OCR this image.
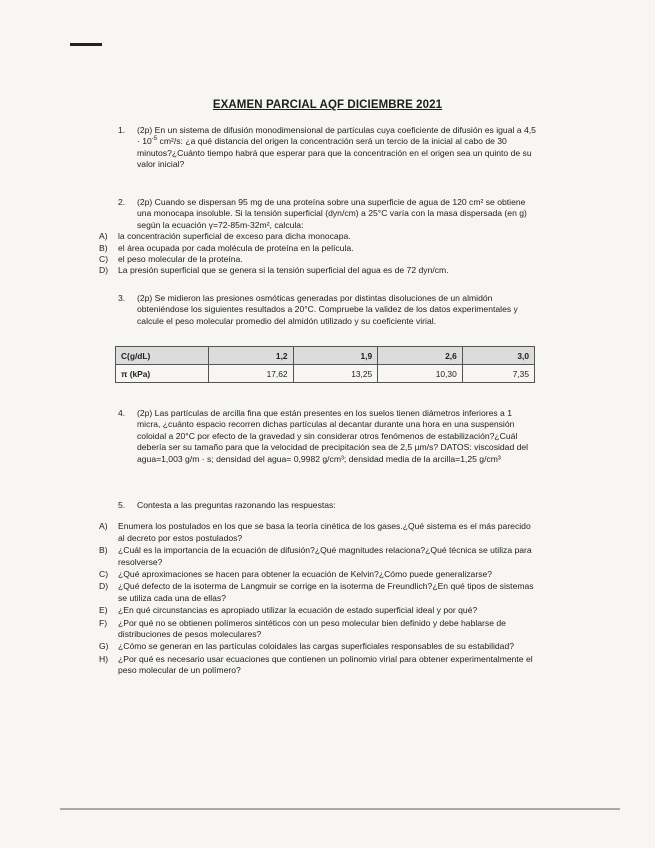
EXAMEN PARCIAL AQF DICIEMBRE 2021
1.	(2p) En un sistema de difusión monodimensional de partículas cuya coeficiente de difusión es igual a $4,5 \cdot 10^{-5}$ cm²/s: ¿a qué distancia del origen la concentración será un tercio de la inicial al cabo de 30 minutos?¿Cuánto tiempo habrá que esperar para que la concentración en el origen sea un quinto de su valor inicial?
2.	(2p) Cuando se dispersan 95 mg de una proteína sobre una superficie de agua de 120 cm² se obtiene una monocapa insoluble. Si la tensión superficial (dyn/cm) a 25°C varía con la masa dispersada (en g) según la ecuación γ=72-85m-32m², calcula:
A) la concentración superficial de exceso para dicha monocapa.
B) el área ocupada por cada molécula de proteína en la película.
C) el peso molecular de la proteína.
D) La presión superficial que se genera si la tensión superficial del agua es de 72 dyn/cm.
3.	(2p) Se midieron las presiones osmóticas generadas por distintas disoluciones de un almidón obteniéndose los siguientes resultados a 20°C. Compruebe la validez de los datos experimentales y calcule el peso molecular promedio del almidón utilizado y su coeficiente virial.
C(g/dL)	1,2	1,9	2,6	3,0
π (kPa)	17,62	13,25	10,30	7,35
4.	(2p) Las partículas de arcilla fina que están presentes en los suelos tienen diámetros inferiores a 1 micra, ¿cuánto espacio recorren dichas partículas al decantar durante una hora en una suspensión coloidal a 20°C por efecto de la gravedad y sin considerar otros fenómenos de estabilización?¿Cuál debería ser su tamaño para que la velocidad de precipitación sea de 2,5 µm/s? DATOS: viscosidad del agua=1,003 g/m · s; densidad del agua= 0,9982 g/cm³; densidad media de la arcilla=1,25 g/cm³
5.	Contesta a las preguntas razonando las respuestas:
A) Enumera los postulados en los que se basa la teoría cinética de los gases.¿Qué sistema es el más parecido al decreto por estos postulados?
B) ¿Cuál es la importancia de la ecuación de difusión?¿Qué magnitudes relaciona?¿Qué técnica se utiliza para resolverse?
C) ¿Qué aproximaciones se hacen para obtener la ecuación de Kelvin?¿Cómo puede generalizarse?
D) ¿Qué defecto de la isoterma de Langmuir se corrige en la isoterma de Freundlich?¿En qué tipos de sistemas se utiliza cada una de ellas?
E) ¿En qué circunstancias es apropiado utilizar la ecuación de estado superficial ideal y por qué?
F) ¿Por qué no se obtienen polímeros sintéticos con un peso molecular bien definido y debe hablarse de distribuciones de pesos moleculares?
G) ¿Cómo se generan en las partículas coloidales las cargas superficiales responsables de su estabilidad?
H) ¿Por qué es necesario usar ecuaciones que contienen un polinomio virial para obtener experimentalmente el peso molecular de un polímero?
